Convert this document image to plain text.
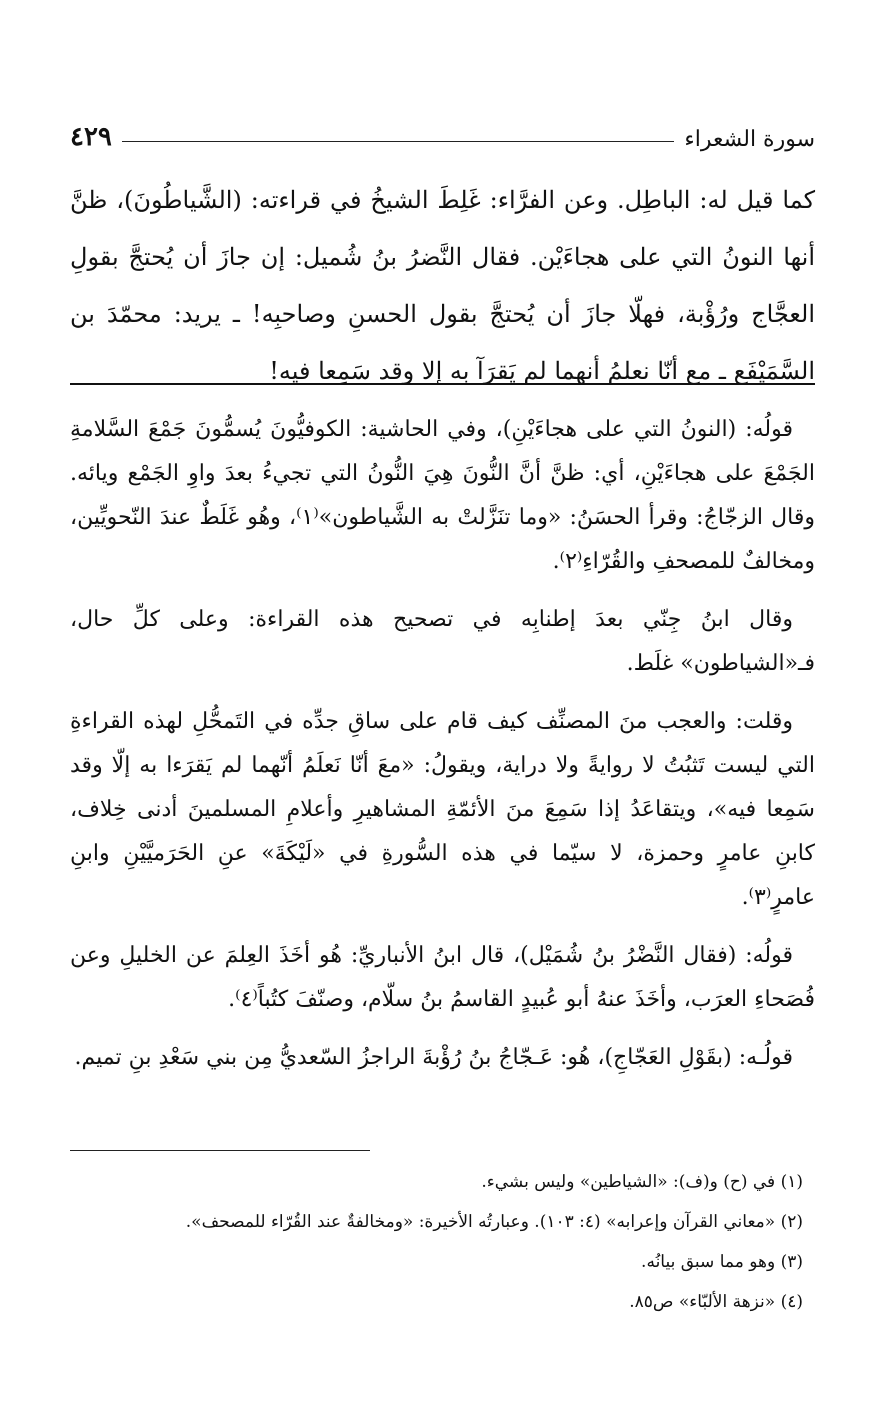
سورة الشعراء
٤٢٩
كما قيل له: الباطِل. وعن الفرَّاء: غَلِطَ الشيخُ في قراءته: (الشَّياطُونَ)، ظنَّ أنها النونُ التي على هجاءَيْن. فقال النَّضرُ بنُ شُميل: إن جازَ أن يُحتجَّ بقولِ العجَّاج ورُؤْبة، فهلّا جازَ أن يُحتجَّ بقول الحسنِ وصاحبِه! ـ يريد: محمّدَ بن السَّمَيْفَع ـ مع أنّا نعلمُ أنهما لم يَقرَآ به إلا وقد سَمِعا فيه!

قولُه: (النونُ التي على هجاءَيْنِ)، وفي الحاشية: الكوفيُّونَ يُسمُّونَ جَمْعَ السَّلامةِ الجَمْعَ على هجاءَيْنِ، أي: ظنَّ أنَّ النُّونَ هِيَ النُّونُ التي تجيءُ بعدَ واوِ الجَمْع ويائه. وقال الزجّاجُ: وقرأ الحسَنُ: «وما تنَزَّلتْ به الشَّياطون»⁽١⁾، وهُو غَلَطٌ عندَ النّحويِّين، ومخالفٌ للمصحفِ والقُرّاءِ⁽٢⁾.

وقال ابنُ جِنّي بعدَ إطنابِه في تصحيح هذه القراءة: وعلى كلِّ حال، فـ«الشياطون» غلَط.

وقلت: والعجب منَ المصنِّف كيف قام على ساقِ جدِّه في التَمحُّلِ لهذه القراءةِ التي ليست تَثبُتُ لا روايةً ولا دراية، ويقولُ: «معَ أنّا نَعلَمُ أنّهما لم يَقرَءا به إلّا وقد سَمِعا فيه»، ويتقاعَدُ إذا سَمِعَ منَ الأئمّةِ المشاهيرِ وأعلامِ المسلمينَ أدنى خِلاف، كابنِ عامرٍ وحمزة، لا سيّما في هذه السُّورةِ في «لَيْكَةَ» عنِ الحَرَميَّيْنِ وابنِ عامرٍ⁽٣⁾.

قولُه: (فقال النَّضْرُ بنُ شُمَيْل)، قال ابنُ الأنباريِّ: هُو أخَذَ العِلمَ عن الخليلِ وعن فُصَحاءِ العرَب، وأخَذَ عنهُ أبو عُبيدٍ القاسمُ بنُ سلّام، وصنّفَ كتُباً⁽٤⁾.

قولُـه: (بقَوْلِ العَجّاجِ)، هُو: عَـجّاجُ بنُ رُؤْبةَ الراجزُ السّعديُّ مِن بني سَعْدِ بنِ تميم.

(١) في (ح) و(ف): «الشياطين» وليس بشيء.
(٢) «معاني القرآن وإعرابه» (٤: ١٠٣). وعبارتُه الأخيرة: «ومخالفةٌ عند القُرّاء للمصحف».
(٣) وهو مما سبق بيانُه.
(٤) «نزهة الألبّاء» ص٨٥.
